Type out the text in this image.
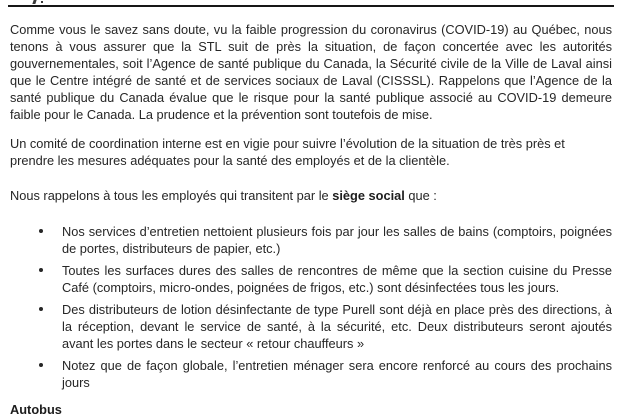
Comme vous le savez sans doute, vu la faible progression du coronavirus (COVID-19) au Québec, nous tenons à vous assurer que la STL suit de près la situation, de façon concertée avec les autorités gouvernementales, soit l’Agence de santé publique du Canada, la Sécurité civile de la Ville de Laval ainsi que le Centre intégré de santé et de services sociaux de Laval (CISSSL). Rappelons que l’Agence de la santé publique du Canada évalue que le risque pour la santé publique associé au COVID-19 demeure faible pour le Canada. La prudence et la prévention sont toutefois de mise.

Un comité de coordination interne est en vigie pour suivre l’évolution de la situation de très près et prendre les mesures adéquates pour la santé des employés et de la clientèle.

Nous rappelons à tous les employés qui transitent par le siège social que :

Nos services d’entretien nettoient plusieurs fois par jour les salles de bains (comptoirs, poignées de portes, distributeurs de papier, etc.)
Toutes les surfaces dures des salles de rencontres de même que la section cuisine du Presse Café (comptoirs, micro-ondes, poignées de frigos, etc.) sont désinfectées tous les jours.
Des distributeurs de lotion désinfectante de type Purell sont déjà en place près des directions, à la réception, devant le service de santé, à la sécurité, etc. Deux distributeurs seront ajoutés avant les portes dans le secteur « retour chauffeurs »
Notez que de façon globale, l’entretien ménager sera encore renforcé au cours des prochains jours

Autobus
